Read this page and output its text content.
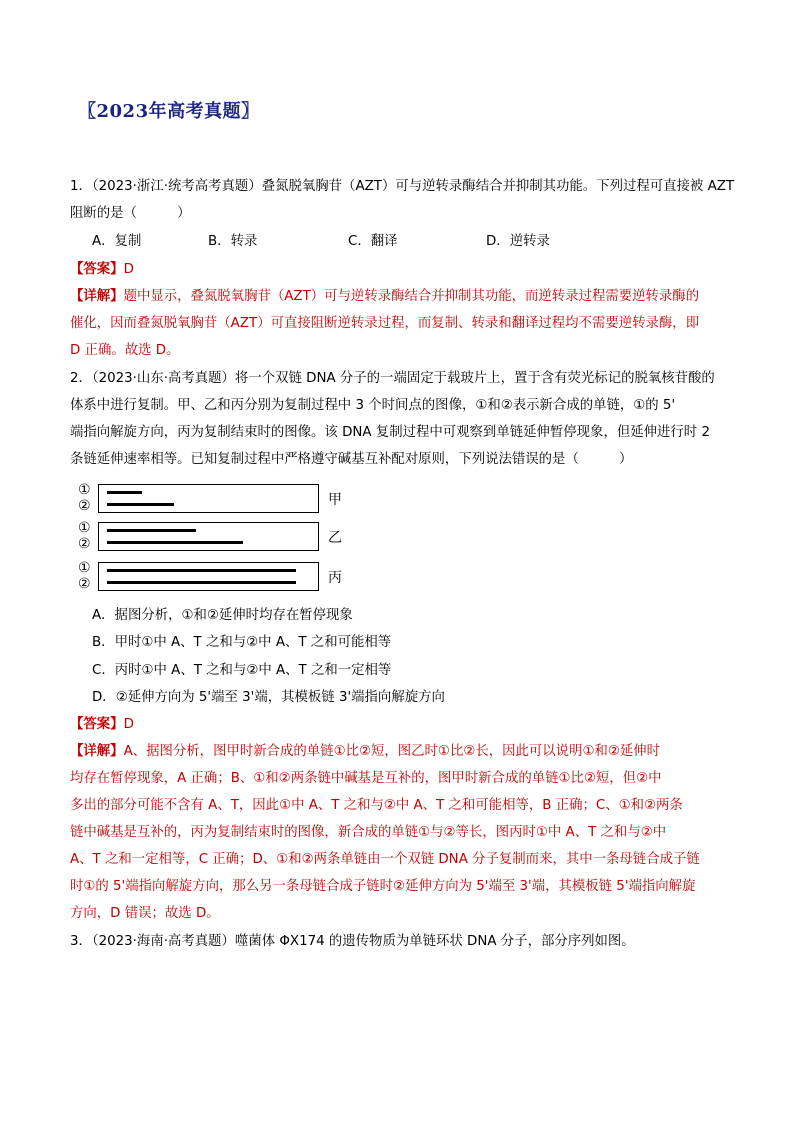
〖2023年高考真题〗
1．（2023·浙江·统考高考真题）叠氮脱氧胸苷（AZT）可与逆转录酶结合并抑制其功能。下列过程可直接被 AZT
阻断的是（　　　）
A．复制	B．转录	C．翻译	D．逆转录
【答案】D
【详解】题中显示，叠氮脱氧胸苷（AZT）可与逆转录酶结合并抑制其功能，而逆转录过程需要逆转录酶的
催化，因而叠氮脱氧胸苷（AZT）可直接阻断逆转录过程，而复制、转录和翻译过程均不需要逆转录酶，即
D 正确。故选 D。
2．（2023·山东·高考真题）将一个双链 DNA 分子的一端固定于载玻片上，置于含有荧光标记的脱氧核苷酸的
体系中进行复制。甲、乙和丙分别为复制过程中 3 个时间点的图像，①和②表示新合成的单链，①的 5'
端指向解旋方向，丙为复制结束时的图像。该 DNA 复制过程中可观察到单链延伸暂停现象，但延伸进行时 2
条链延伸速率相等。已知复制过程中严格遵守碱基互补配对原则，下列说法错误的是（　　　）
①
②	甲
①
②	乙
①
②	丙
A．据图分析，①和②延伸时均存在暂停现象
B．甲时①中 A、T 之和与②中 A、T 之和可能相等
C．丙时①中 A、T 之和与②中 A、T 之和一定相等
D．②延伸方向为 5'端至 3'端，其模板链 3'端指向解旋方向
【答案】D
【详解】A、据图分析，图甲时新合成的单链①比②短，图乙时①比②长，因此可以说明①和②延伸时
均存在暂停现象，A 正确；B、①和②两条链中碱基是互补的，图甲时新合成的单链①比②短，但②中
多出的部分可能不含有 A、T，因此①中 A、T 之和与②中 A、T 之和可能相等，B 正确；C、①和②两条
链中碱基是互补的，丙为复制结束时的图像，新合成的单链①与②等长，图丙时①中 A、T 之和与②中
A、T 之和一定相等，C 正确；D、①和②两条单链由一个双链 DNA 分子复制而来，其中一条母链合成子链
时①的 5'端指向解旋方向，那么另一条母链合成子链时②延伸方向为 5'端至 3'端，其模板链 5'端指向解旋
方向，D 错误；故选 D。
3．（2023·海南·高考真题）噬菌体 ΦX174 的遗传物质为单链环状 DNA 分子，部分序列如图。
